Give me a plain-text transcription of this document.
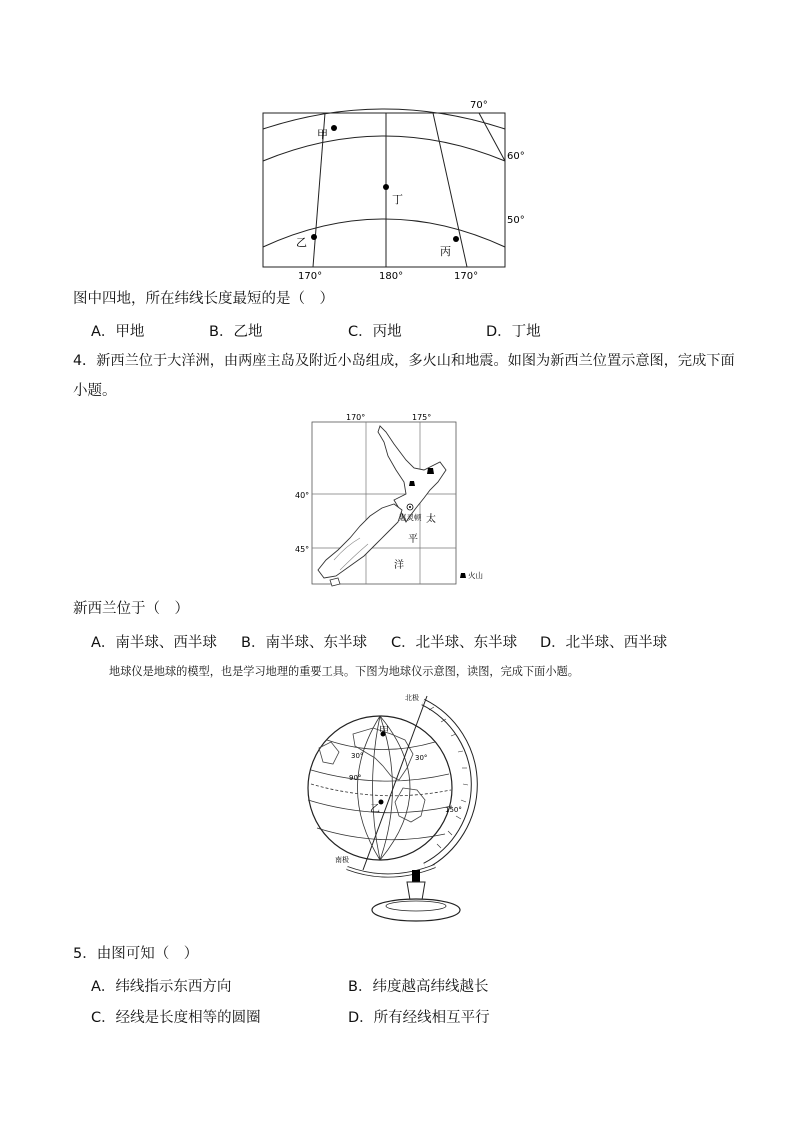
甲
乙
丙
丁
70°
60°
50°
170°	180°	170°
图中四地，所在纬线长度最短的是（　）
A．甲地	B．乙地	C．丙地	D．丁地
4．新西兰位于大洋洲，由两座主岛及附近小岛组成，多火山和地震。如图为新西兰位置示意图，完成下面
小题。
170°	175°
40°
45°
惠灵顿 太
平
洋
火山
新西兰位于（　）
A．南半球、西半球 B．南半球、东半球 C．北半球、东半球 D．北半球、西半球
地球仪是地球的模型，也是学习地理的重要工具。下图为地球仪示意图，读图，完成下面小题。
甲
乙
90°
30°
150°
30°
北极
南极
5．由图可知（　）
A．纬线指示东西方向	B．纬度越高纬线越长
C．经线是长度相等的圆圈	D．所有经线相互平行
